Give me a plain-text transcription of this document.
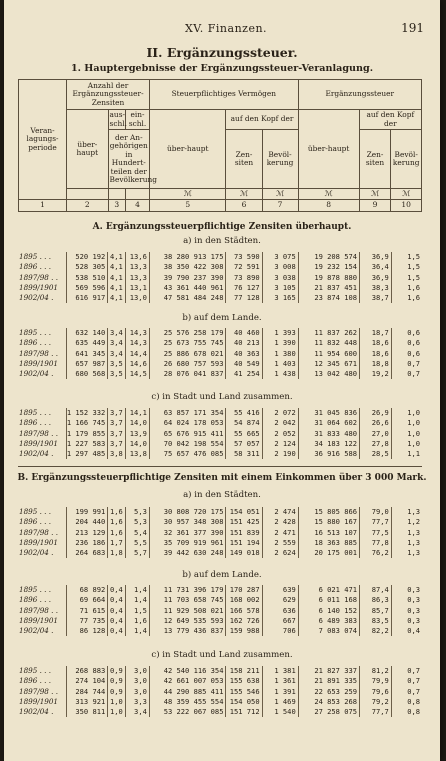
XV. Finanzen.	191
II. Ergänzungssteuer.
1. Hauptergebnisse der Ergänzungssteuer-Veranlagung.
Veran-lagungs-periode	Anzahl der Ergänzungssteuer-Zensiten			Steuerpflichtiges Vermögen			Ergänzungssteuer		
	über-haupt	aus-schl.	ein-schl.	über-haupt	auf den Kopf der		über-haupt	auf den Kopf der	
		der An-gehörigen
in Hundert-teilen der Bevölkerung			Zen-siten	Bevöl-kerung		Zen-siten	Bevöl-kerung
				ℳ	ℳ	ℳ	ℳ	ℳ	ℳ
1	2	3	4	5	6	7	8	9	10
A. Ergänzungssteuerpflichtige Zensiten überhaupt.
a) in den Städten.
1895 . . .	520 192	4,1	13,6	38 280 913 175	73 590	3 075	19 208 574	36,9	1,5
1896 . . .	528 305	4,1	13,3	38 350 422 308	72 591	3 008	19 232 154	36,4	1,5
1897/98 . .	538 510	4,1	13,3	39 790 237 390	73 890	3 038	19 878 880	36,9	1,5
1899/1901	569 596	4,1	13,1	43 361 440 961	76 127	3 105	21 837 451	38,3	1,6
1902/04 .	616 917	4,1	13,0	47 581 484 248	77 128	3 165	23 874 108	38,7	1,6
b) auf dem Lande.
1895 . . .	632 140	3,4	14,3	25 576 258 179	40 460	1 393	11 837 262	18,7	0,6
1896 . . .	635 449	3,4	14,3	25 673 755 745	40 213	1 390	11 832 448	18,6	0,6
1897/98 . .	641 345	3,4	14,4	25 886 678 021	40 363	1 380	11 954 600	18,6	0,6
1899/1901	657 987	3,5	14,6	26 680 757 593	40 549	1 403	12 345 671	18,8	0,7
1902/04 .	680 568	3,5	14,5	28 076 041 837	41 254	1 438	13 042 480	19,2	0,7
c) in Stadt und Land zusammen.
1895 . . .	1 152 332	3,7	14,1	63 857 171 354	55 416	2 072	31 045 836	26,9	1,0
1896 . . .	1 166 745	3,7	14,0	64 024 178 053	54 874	2 042	31 064 602	26,6	1,0
1897/98 . .	1 179 855	3,7	13,9	65 676 915 411	55 665	2 052	31 833 480	27,0	1,0
1899/1901	1 227 583	3,7	14,0	70 042 198 554	57 057	2 124	34 183 122	27,8	1,0
1902/04 .	1 297 485	3,8	13,8	75 657 476 085	58 311	2 190	36 916 588	28,5	1,1
B. Ergänzungssteuerpflichtige Zensiten mit einem Einkommen über 3 000 Mark.
a) in den Städten.
1895 . . .	199 991	1,6	5,3	30 808 720 175	154 051	2 474	15 805 866	79,0	1,3
1896 . . .	204 440	1,6	5,3	30 957 348 308	151 425	2 428	15 880 167	77,7	1,2
1897/98 . .	213 129	1,6	5,4	32 361 377 390	151 839	2 471	16 513 107	77,5	1,3
1899/1901	236 186	1,7	5,5	35 709 919 961	151 194	2 559	18 363 885	77,8	1,3
1902/04 .	264 683	1,8	5,7	39 442 630 248	149 018	2 624	20 175 001	76,2	1,3
b) auf dem Lande.
1895 . . .	68 892	0,4	1,4	11 731 396 179	170 287	639	6 021 471	87,4	0,3
1896 . . .	69 664	0,4	1,4	11 703 658 745	168 002	629	6 011 168	86,3	0,3
1897/98 . .	71 615	0,4	1,5	11 929 508 021	166 578	636	6 140 152	85,7	0,3
1899/1901	77 735	0,4	1,6	12 649 535 593	162 726	667	6 489 383	83,5	0,3
1902/04 .	86 128	0,4	1,4	13 779 436 837	159 988	706	7 083 074	82,2	0,4
c) in Stadt und Land zusammen.
1895 . . .	268 883	0,9	3,0	42 540 116 354	158 211	1 381	21 827 337	81,2	0,7
1896 . . .	274 104	0,9	3,0	42 661 007 053	155 638	1 361	21 891 335	79,9	0,7
1897/98 . .	284 744	0,9	3,0	44 290 885 411	155 546	1 391	22 653 259	79,6	0,7
1899/1901	313 921	1,0	3,3	48 359 455 554	154 050	1 469	24 853 268	79,2	0,8
1902/04 .	350 811	1,0	3,4	53 222 067 085	151 712	1 540	27 258 075	77,7	0,8
